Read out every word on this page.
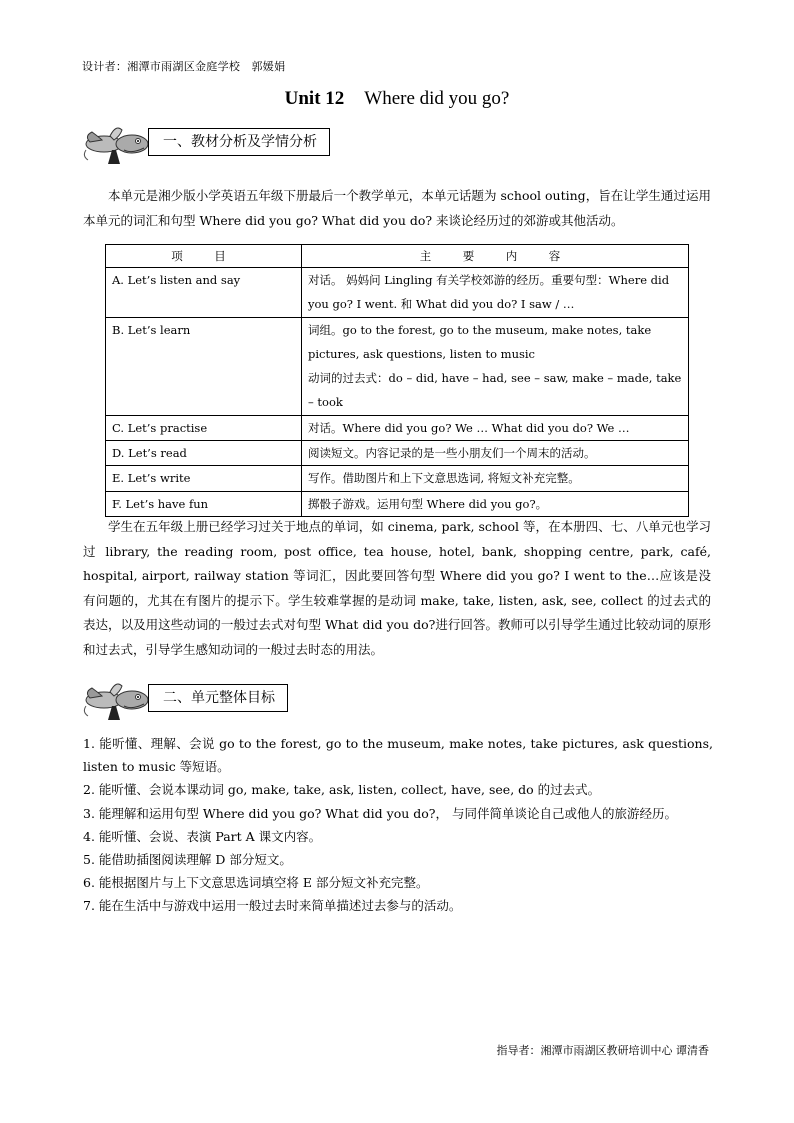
设计者：湘潭市雨湖区金庭学校　郭媛娟
Unit 12 Where did you go?
一、教材分析及学情分析
本单元是湘少版小学英语五年级下册最后一个教学单元，本单元话题为 school outing，旨在让学生通过运用本单元的词汇和句型 Where did you go? What did you do? 来谈论经历过的郊游或其他活动。
项　目	主　要　内　容
A. Let’s listen and say	对话。 妈妈问 Lingling 有关学校郊游的经历。重要句型：Where did you go? I went. 和 What did you do? I saw / …
B. Let’s learn	词组。go to the forest, go to the museum, make notes, take pictures, ask questions, listen to music
动词的过去式：do – did, have – had, see – saw, make – made, take – took

C. Let’s practise	对话。Where did you go? We … What did you do? We …
D. Let’s read	阅读短文。内容记录的是一些小朋友们一个周末的活动。
E. Let’s write	写作。借助图片和上下文意思选词, 将短文补充完整。
F. Let’s have fun	掷骰子游戏。运用句型 Where did you go?。
学生在五年级上册已经学习过关于地点的单词，如 cinema, park, school 等，在本册四、七、八单元也学习过 library, the reading room, post office, tea house, hotel, bank, shopping centre, park, café, hospital, airport, railway station 等词汇，因此要回答句型 Where did you go? I went to the…应该是没有问题的，尤其在有图片的提示下。学生较难掌握的是动词 make, take, listen, ask, see, collect 的过去式的表达，以及用这些动词的一般过去式对句型 What did you do?进行回答。教师可以引导学生通过比较动词的原形和过去式，引导学生感知动词的一般过去时态的用法。
二、单元整体目标
1. 能听懂、理解、会说 go to the forest, go to the museum, make notes, take pictures, ask questions, listen to music 等短语。
2. 能听懂、会说本课动词 go, make, take, ask, listen, collect, have, see, do 的过去式。
3. 能理解和运用句型 Where did you go? What did you do?， 与同伴简单谈论自己或他人的旅游经历。
4. 能听懂、会说、表演 Part A 课文内容。
5. 能借助插图阅读理解 D 部分短文。
6. 能根据图片与上下文意思选词填空将 E 部分短文补充完整。
7. 能在生活中与游戏中运用一般过去时来简单描述过去参与的活动。
指导者：湘潭市雨湖区教研培训中心 谭清香
